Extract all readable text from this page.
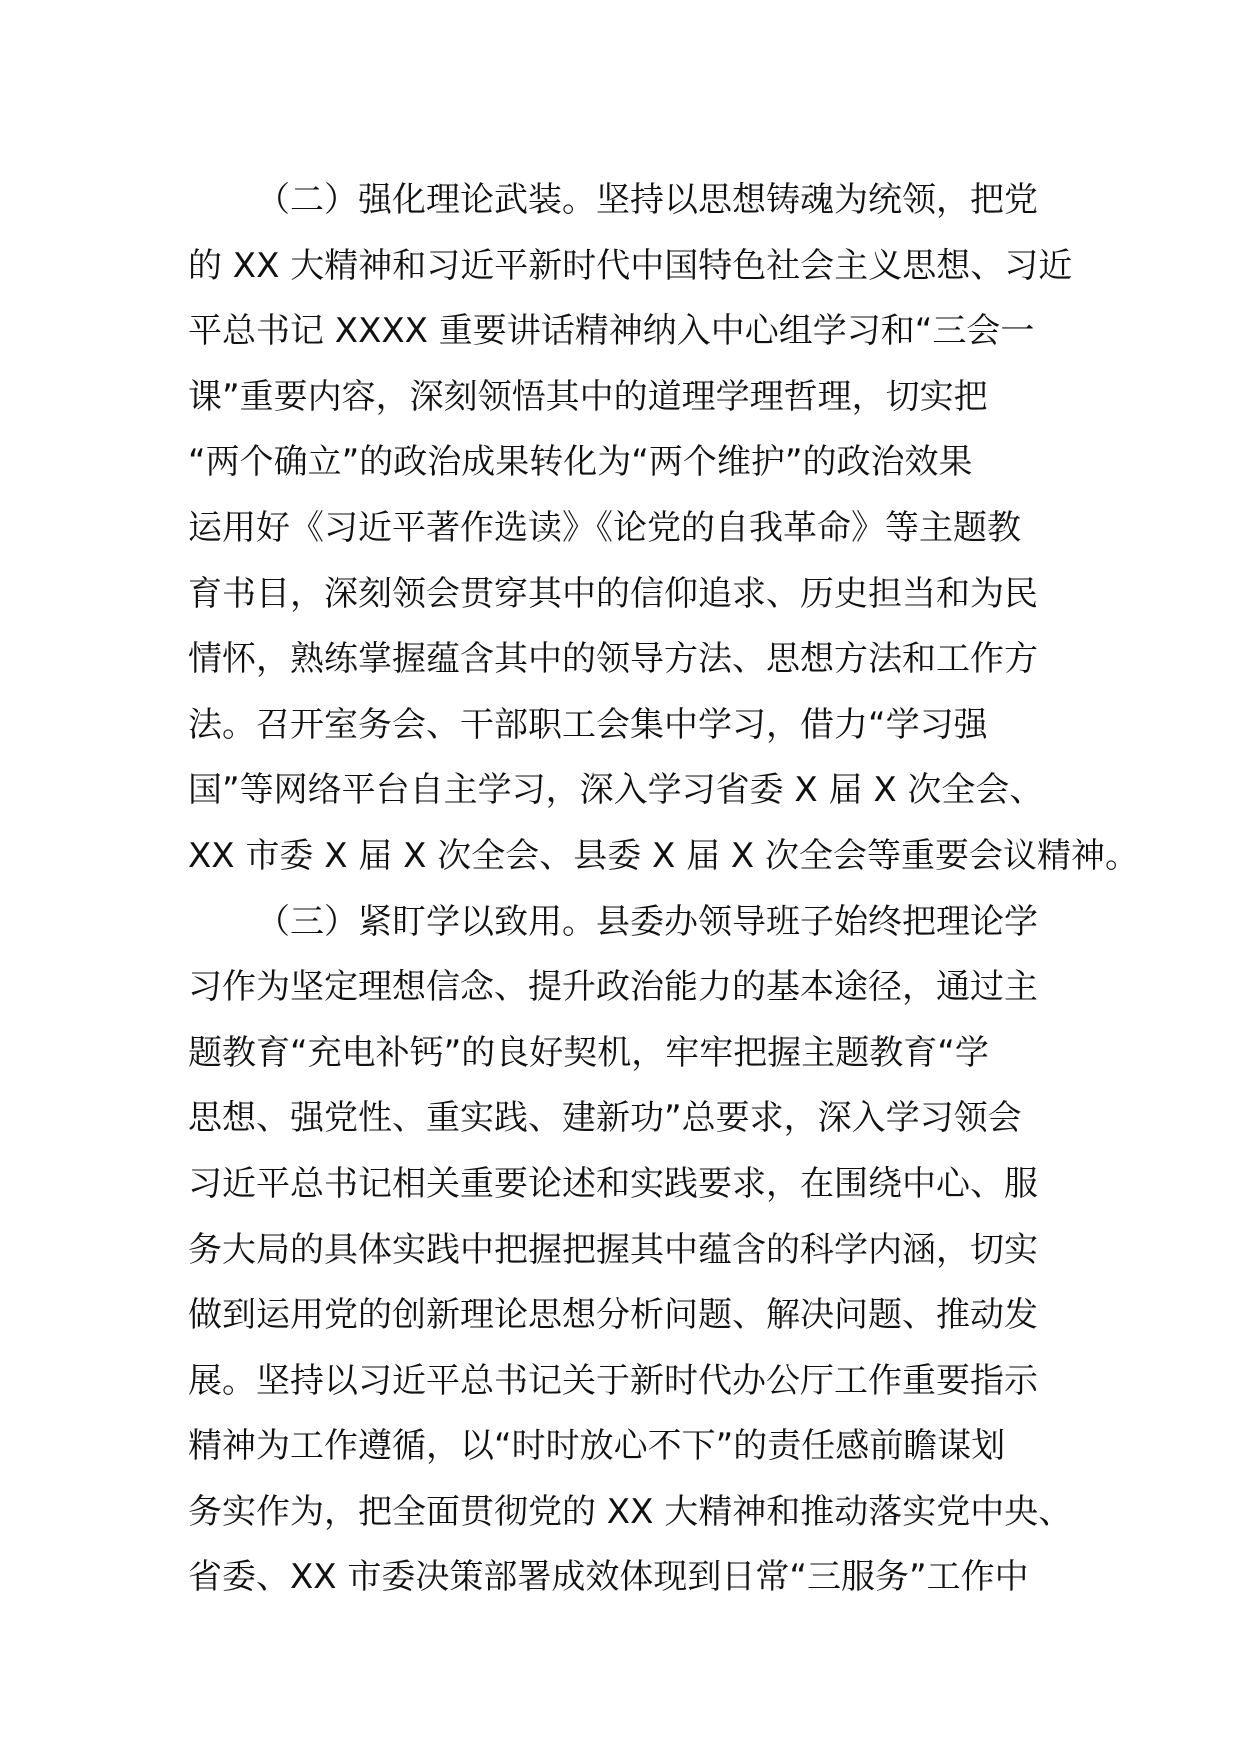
（二）强化理论武装。坚持以思想铸魂为统领，把党
的 XX 大精神和习近平新时代中国特色社会主义思想、习近
平总书记 XXXX 重要讲话精神纳入中心组学习和“三会一
课”重要内容，深刻领悟其中的道理学理哲理，切实把
“两个确立”的政治成果转化为“两个维护”的政治效果
运用好《习近平著作选读》《论党的自我革命》等主题教
育书目，深刻领会贯穿其中的信仰追求、历史担当和为民
情怀，熟练掌握蕴含其中的领导方法、思想方法和工作方
法。召开室务会、干部职工会集中学习，借力“学习强
国”等网络平台自主学习，深入学习省委 X 届 X 次全会、
XX 市委 X 届 X 次全会、县委 X 届 X 次全会等重要会议精神。
（三）紧盯学以致用。县委办领导班子始终把理论学
习作为坚定理想信念、提升政治能力的基本途径，通过主
题教育“充电补钙”的良好契机，牢牢把握主题教育“学
思想、强党性、重实践、建新功”总要求，深入学习领会
习近平总书记相关重要论述和实践要求，在围绕中心、服
务大局的具体实践中把握把握其中蕴含的科学内涵，切实
做到运用党的创新理论思想分析问题、解决问题、推动发
展。坚持以习近平总书记关于新时代办公厅工作重要指示
精神为工作遵循，以“时时放心不下”的责任感前瞻谋划
务实作为，把全面贯彻党的 XX 大精神和推动落实党中央、
省委、XX 市委决策部署成效体现到日常“三服务”工作中
